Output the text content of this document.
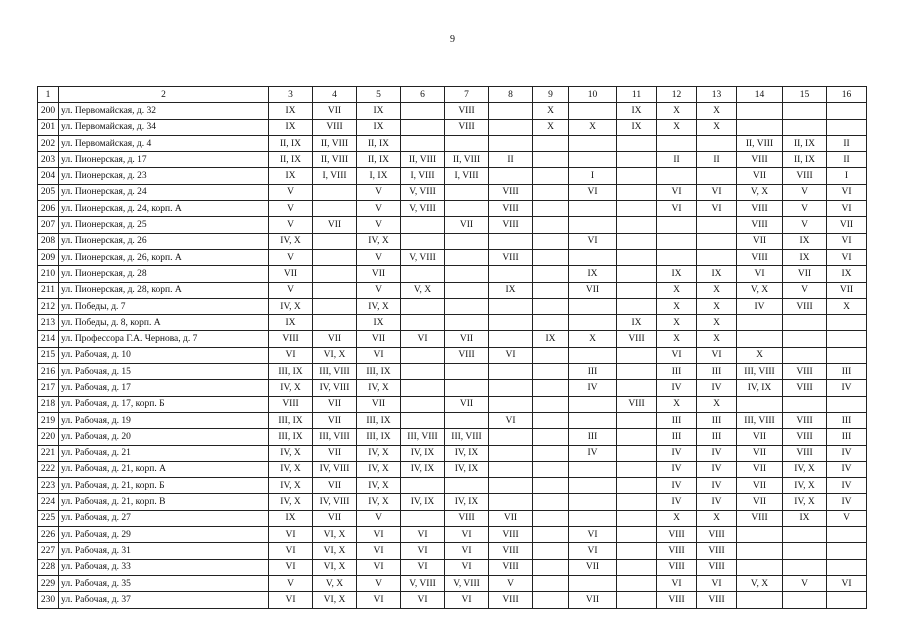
9
1	2	3	4	5	6	7	8	9	10	11	12	13	14	15	16
200	ул. Первомайская, д. 32	IX	VII	IX		VIII		X		IX	X	X			
201	ул. Первомайская, д. 34	IX	VIII	IX		VIII		X	X	IX	X	X			
202	ул. Первомайская, д. 4	II, IX	II, VIII	II, IX									II, VIII	II, IX	II
203	ул. Пионерская, д. 17	II, IX	II, VIII	II, IX	II, VIII	II, VIII	II				II	II	VIII	II, IX	II
204	ул. Пионерская, д. 23	IX	I, VIII	I, IX	I, VIII	I, VIII			I				VII	VIII	I
205	ул. Пионерская, д. 24	V		V	V, VIII		VIII		VI		VI	VI	V, X	V	VI
206	ул. Пионерская, д. 24, корп. А	V		V	V, VIII		VIII				VI	VI	VIII	V	VI
207	ул. Пионерская, д. 25	V	VII	V		VII	VIII						VIII	V	VII
208	ул. Пионерская, д. 26	IV, X		IV, X					VI				VII	IX	VI
209	ул. Пионерская, д. 26, корп. А	V		V	V, VIII		VIII						VIII	IX	VI
210	ул. Пионерская, д. 28	VII		VII					IX		IX	IX	VI	VII	IX
211	ул. Пионерская, д. 28, корп. А	V		V	V, X		IX		VII		X	X	V, X	V	VII
212	ул. Победы, д. 7	IV, X		IV, X							X	X	IV	VIII	X
213	ул. Победы, д. 8, корп. А	IX		IX						IX	X	X			
214	ул. Профессора Г.А. Чернова, д. 7	VIII	VII	VII	VI	VII		IX	X	VIII	X	X			
215	ул. Рабочая, д. 10	VI	VI, X	VI		VIII	VI				VI	VI	X		
216	ул. Рабочая, д. 15	III, IX	III, VIII	III, IX					III		III	III	III, VIII	VIII	III
217	ул. Рабочая, д. 17	IV, X	IV, VIII	IV, X					IV		IV	IV	IV, IX	VIII	IV
218	ул. Рабочая, д. 17, корп. Б	VIII	VII	VII		VII				VIII	X	X			
219	ул. Рабочая, д. 19	III, IX	VII	III, IX			VI				III	III	III, VIII	VIII	III
220	ул. Рабочая, д. 20	III, IX	III, VIII	III, IX	III, VIII	III, VIII			III		III	III	VII	VIII	III
221	ул. Рабочая, д. 21	IV, X	VII	IV, X	IV, IX	IV, IX			IV		IV	IV	VII	VIII	IV
222	ул. Рабочая, д. 21, корп. А	IV, X	IV, VIII	IV, X	IV, IX	IV, IX					IV	IV	VII	IV, X	IV
223	ул. Рабочая, д. 21, корп. Б	IV, X	VII	IV, X							IV	IV	VII	IV, X	IV
224	ул. Рабочая, д. 21, корп. В	IV, X	IV, VIII	IV, X	IV, IX	IV, IX					IV	IV	VII	IV, X	IV
225	ул. Рабочая, д. 27	IX	VII	V		VIII	VII				X	X	VIII	IX	V
226	ул. Рабочая, д. 29	VI	VI, X	VI	VI	VI	VIII		VI		VIII	VIII			
227	ул. Рабочая, д. 31	VI	VI, X	VI	VI	VI	VIII		VI		VIII	VIII			
228	ул. Рабочая, д. 33	VI	VI, X	VI	VI	VI	VIII		VII		VIII	VIII			
229	ул. Рабочая, д. 35	V	V, X	V	V, VIII	V, VIII	V				VI	VI	V, X	V	VI
230	ул. Рабочая, д. 37	VI	VI, X	VI	VI	VI	VIII		VII		VIII	VIII			
